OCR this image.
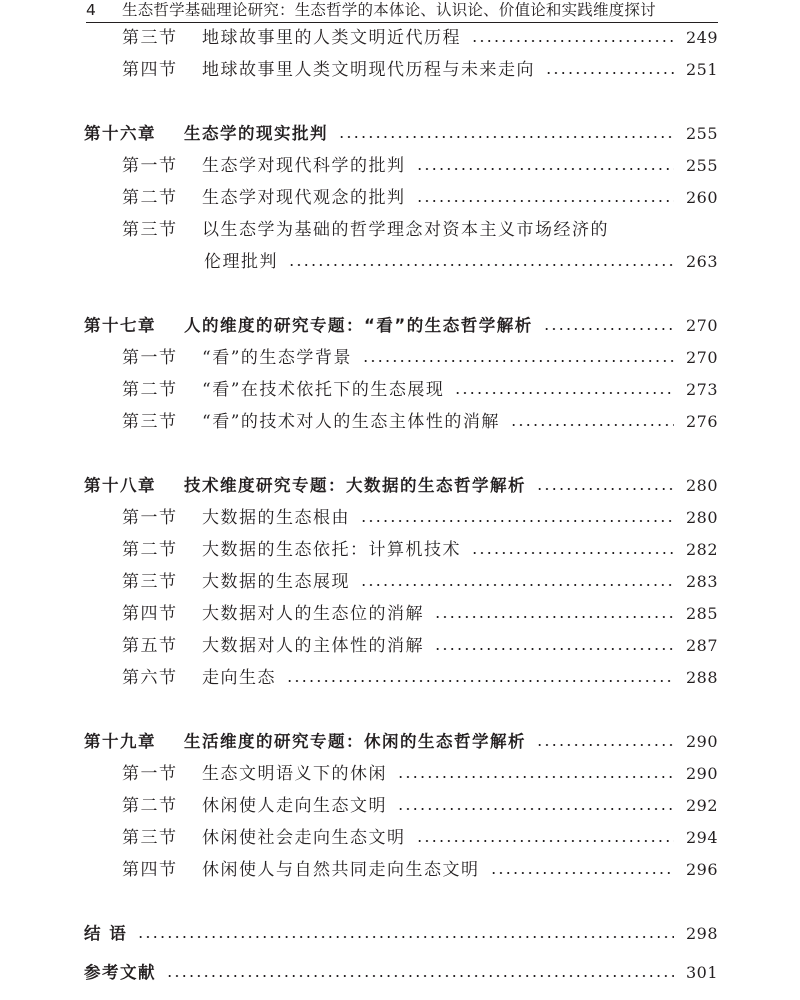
4 生态哲学基础理论研究：生态哲学的本体论、认识论、价值论和实践维度探讨
第三节	地球故事里的人类文明近代历程	249
第四节	地球故事里人类文明现代历程与未来走向	251
第十六章	生态学的现实批判	255
第一节	生态学对现代科学的批判	255
第二节	生态学对现代观念的批判	260
第三节	以生态学为基础的哲学理念对资本主义市场经济的
伦理批判	263
第十七章	人的维度的研究专题：“看”的生态哲学解析	270
第一节	“看”的生态学背景	270
第二节	“看”在技术依托下的生态展现	273
第三节	“看”的技术对人的生态主体性的消解	276
第十八章	技术维度研究专题：大数据的生态哲学解析	280
第一节	大数据的生态根由	280
第二节	大数据的生态依托：计算机技术	282
第三节	大数据的生态展现	283
第四节	大数据对人的生态位的消解	285
第五节	大数据对人的主体性的消解	287
第六节	走向生态	288
第十九章	生活维度的研究专题：休闲的生态哲学解析	290
第一节	生态文明语义下的休闲	290
第二节	休闲使人走向生态文明	292
第三节	休闲使社会走向生态文明	294
第四节	休闲使人与自然共同走向生态文明	296
结 语	298
参考文献	301
